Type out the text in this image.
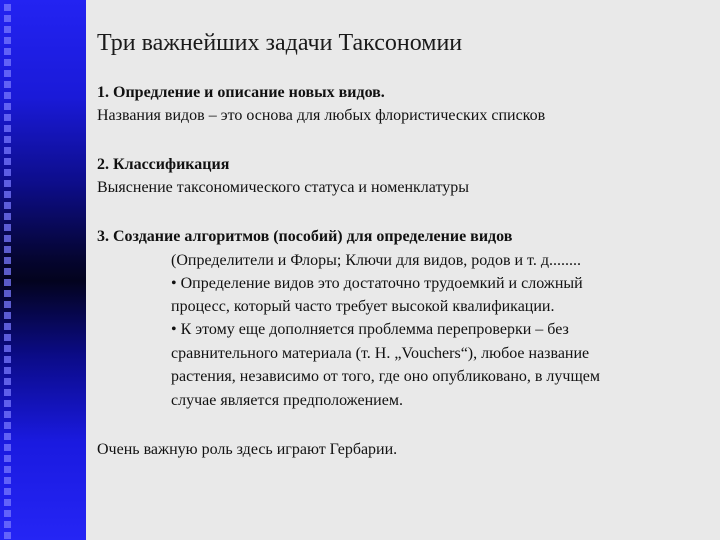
Три важнейших задачи Таксономии

1. Опредление и описание новых видов.

Названия видов – это основа для любых флористических списков

2. Классификация

Выяснение таксономического статуса и номенклатуры

3. Создание алгоритмов (пособий) для определение видов

(Определители и Флоры; Ключи для видов, родов и т. д........

• Определение видов это достаточно трудоемкий и сложный

процесс, который часто требует высокой квалификации.

• К этому еще дополняется проблемма перепроверки – без

сравнительного материала (т. Н. „Vouchers“), любое название

растения, независимо от того, где оно опубликовано, в лучщем

случае является предположением.

Очень важную роль здесь играют Гербарии.
